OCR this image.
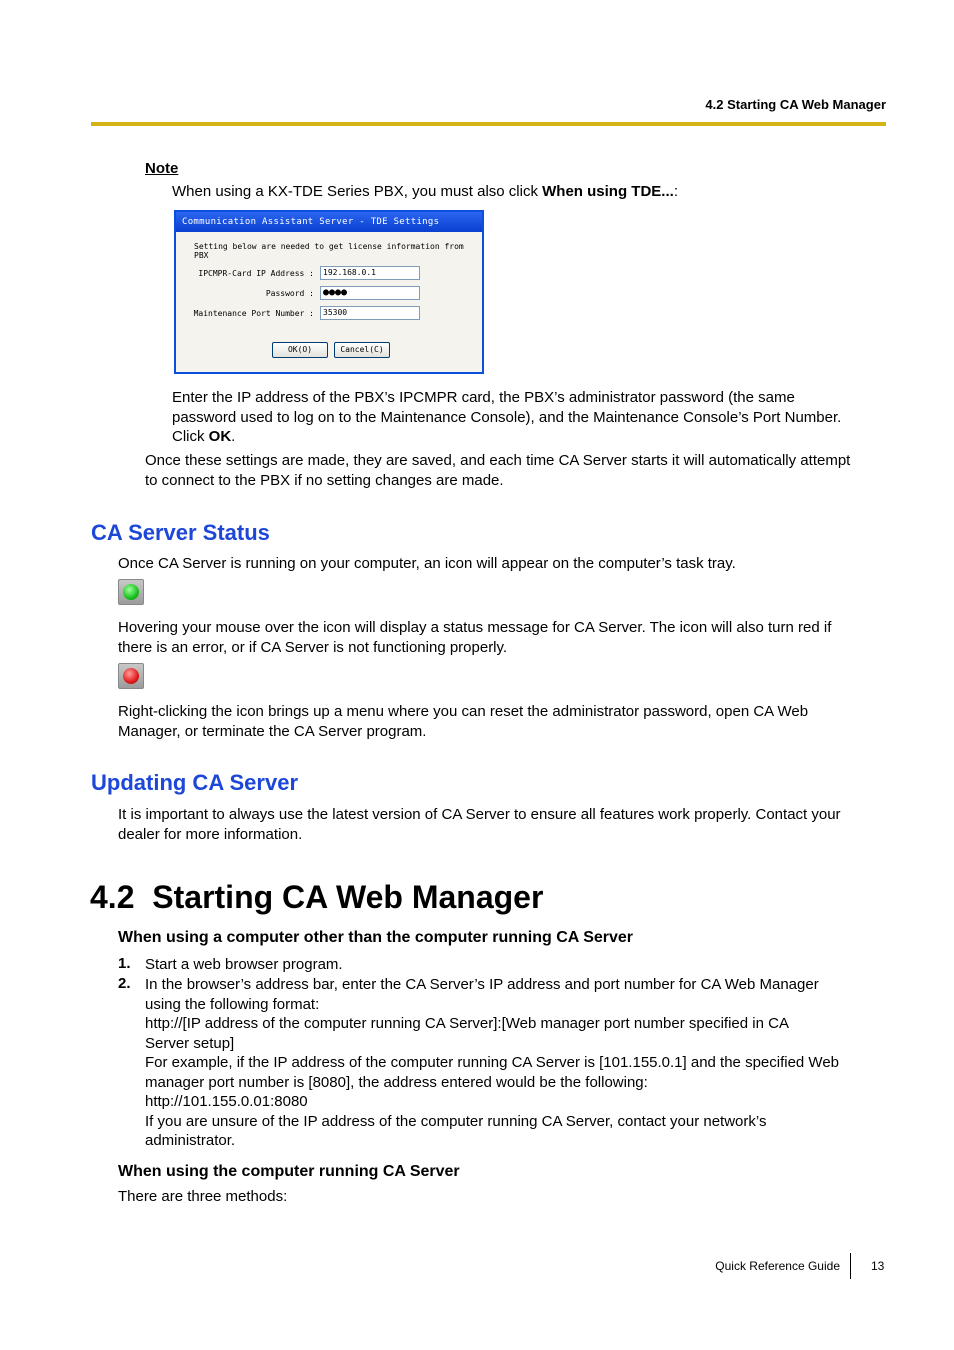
4.2 Starting CA Web Manager
Note
When using a KX-TDE Series PBX, you must also click When using TDE...:
Communication Assistant Server - TDE Settings
Setting below are needed to get license information from PBX
IPCMPR-Card IP Address :	192.168.0.1
Password : ●●●●
Maintenance Port Number :	35300
OK(O)	Cancel(C)
Enter the IP address of the PBX’s IPCMPR card, the PBX’s administrator password (the same
password used to log on to the Maintenance Console), and the Maintenance Console’s Port Number.
Click OK.
Once these settings are made, they are saved, and each time CA Server starts it will automatically attempt
to connect to the PBX if no setting changes are made.
CA Server Status
Once CA Server is running on your computer, an icon will appear on the computer’s task tray.
Hovering your mouse over the icon will display a status message for CA Server. The icon will also turn red if
there is an error, or if CA Server is not functioning properly.
Right-clicking the icon brings up a menu where you can reset the administrator password, open CA Web
Manager, or terminate the CA Server program.
Updating CA Server
It is important to always use the latest version of CA Server to ensure all features work properly. Contact your
dealer for more information.
4.2  Starting CA Web Manager
When using a computer other than the computer running CA Server
1. Start a web browser program.
2. In the browser’s address bar, enter the CA Server’s IP address and port number for CA Web Manager
using the following format:
http://[IP address of the computer running CA Server]:[Web manager port number specified in CA
Server setup]
For example, if the IP address of the computer running CA Server is [101.155.0.1] and the specified Web
manager port number is [8080], the address entered would be the following:
http://101.155.0.01:8080
If you are unsure of the IP address of the computer running CA Server, contact your network’s
administrator.
When using the computer running CA Server
There are three methods:
Quick Reference Guide	13
